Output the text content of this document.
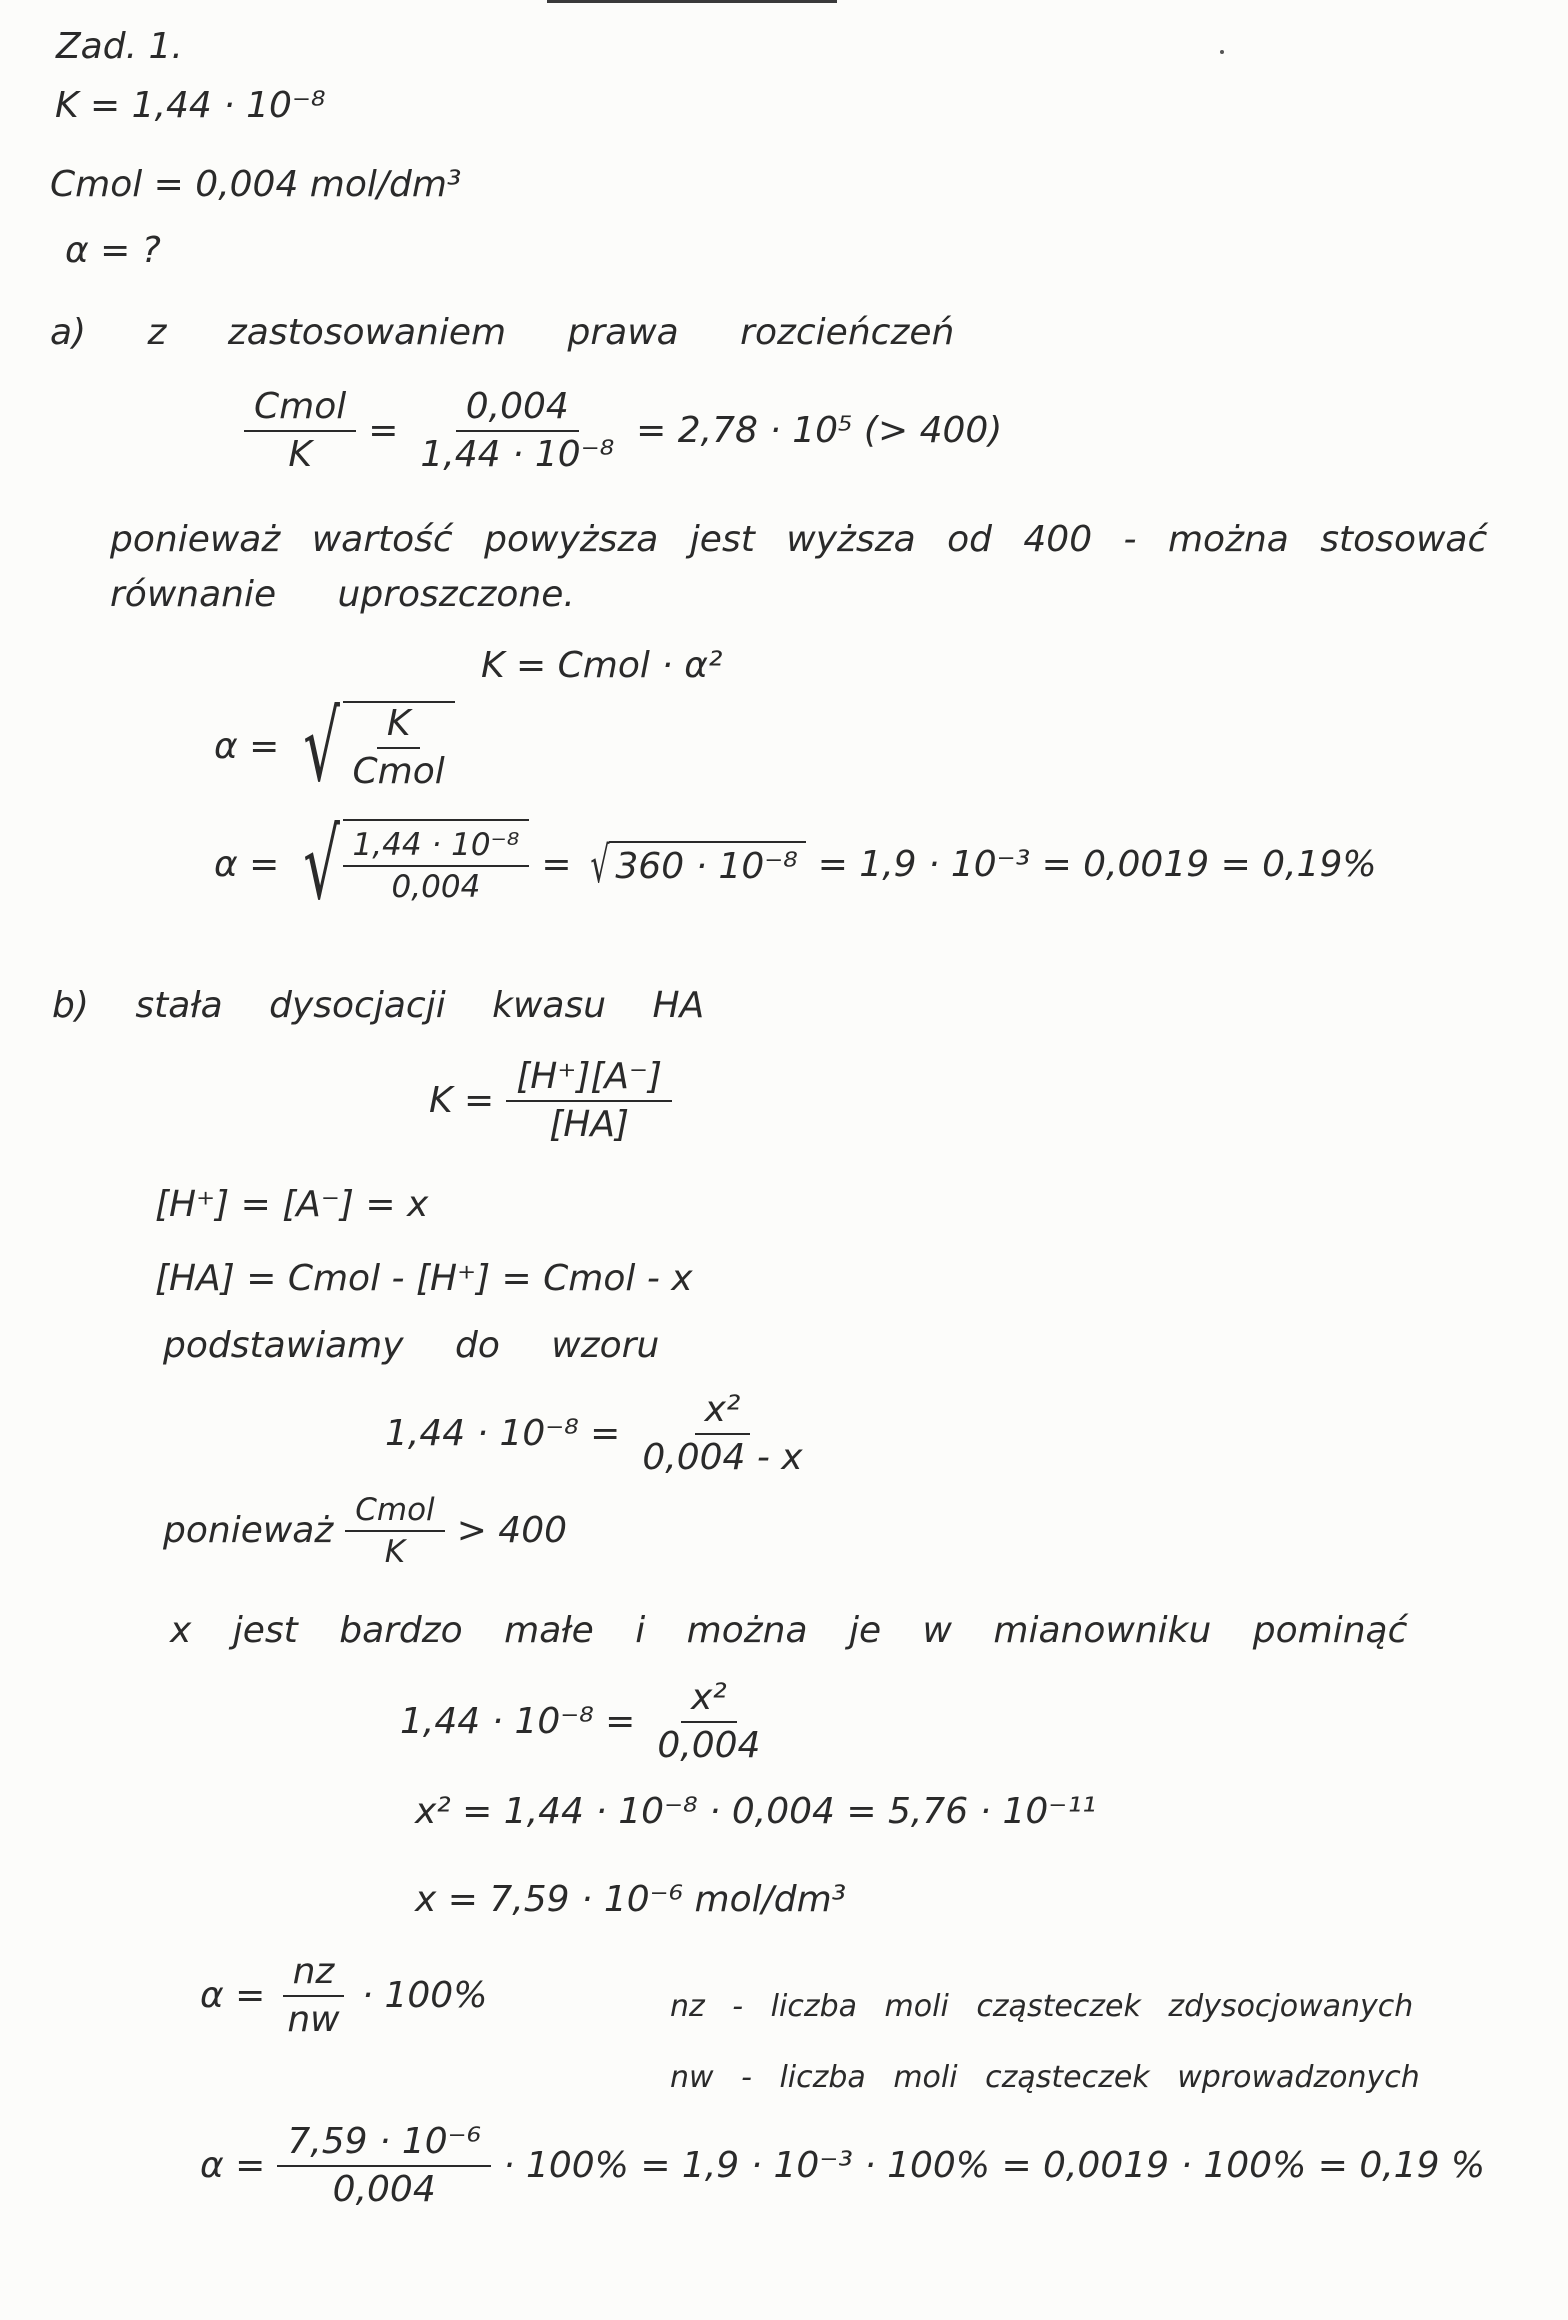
Zad. 1.
K = 1,44 · 10⁻⁸
Cmol = 0,004 mol/dm³
α = ?
a) z zastosowaniem prawa rozcieńczeń
$\frac{\text{Cmol}}{K} = \frac{0,004}{\text{1,44 · 10⁻⁸}} = 2,78 \cdot 10^5$ (> 400)
ponieważ wartość powyższa jest wyższa od 400 - można stosować
równanie uproszczone.
K = Cmol · α²
α = √ $\frac{K}{\text{Cmol}}$
α = √ $\frac{\text{1,44 · 10⁻⁸}}{0,004}$ = √ 360 · 10⁻⁸ = 1,9 · 10⁻³ = 0,0019 = 0,19%
b) stała dysocjacji kwasu HA
$K = \frac{[H^+][A^-]}{[HA]}$
[H⁺] = [A⁻] = x
[HA] = Cmol - [H⁺] = Cmol - x
podstawiamy do wzoru
$1,44 \cdot 10^{-8} = \frac{\text{x²}}{0,004 - x}$
ponieważ $\frac{\text{Cmol}}{K} > 400$
x jest bardzo małe i można je w mianowniku pominąć
$1,44 \cdot 10^{-8} = \frac{\text{x²}}{0,004}$
x² = 1,44 · 10⁻⁸ · 0,004 = 5,76 · 10⁻¹¹
x = 7,59 · 10⁻⁶ mol/dm³
$\alpha = \frac{nz}{nw} \cdot 100\%$	nz - liczba moli cząsteczek zdysocjowanych
nw - liczba moli cząsteczek wprowadzonych
$\alpha = \frac{\text{7,59 · 10⁻⁶}}{0,004} \cdot 100\% = 1,9 \cdot 10^{-3} \cdot 100\% = 0,0019 \cdot 100\% = 0,19$ %
